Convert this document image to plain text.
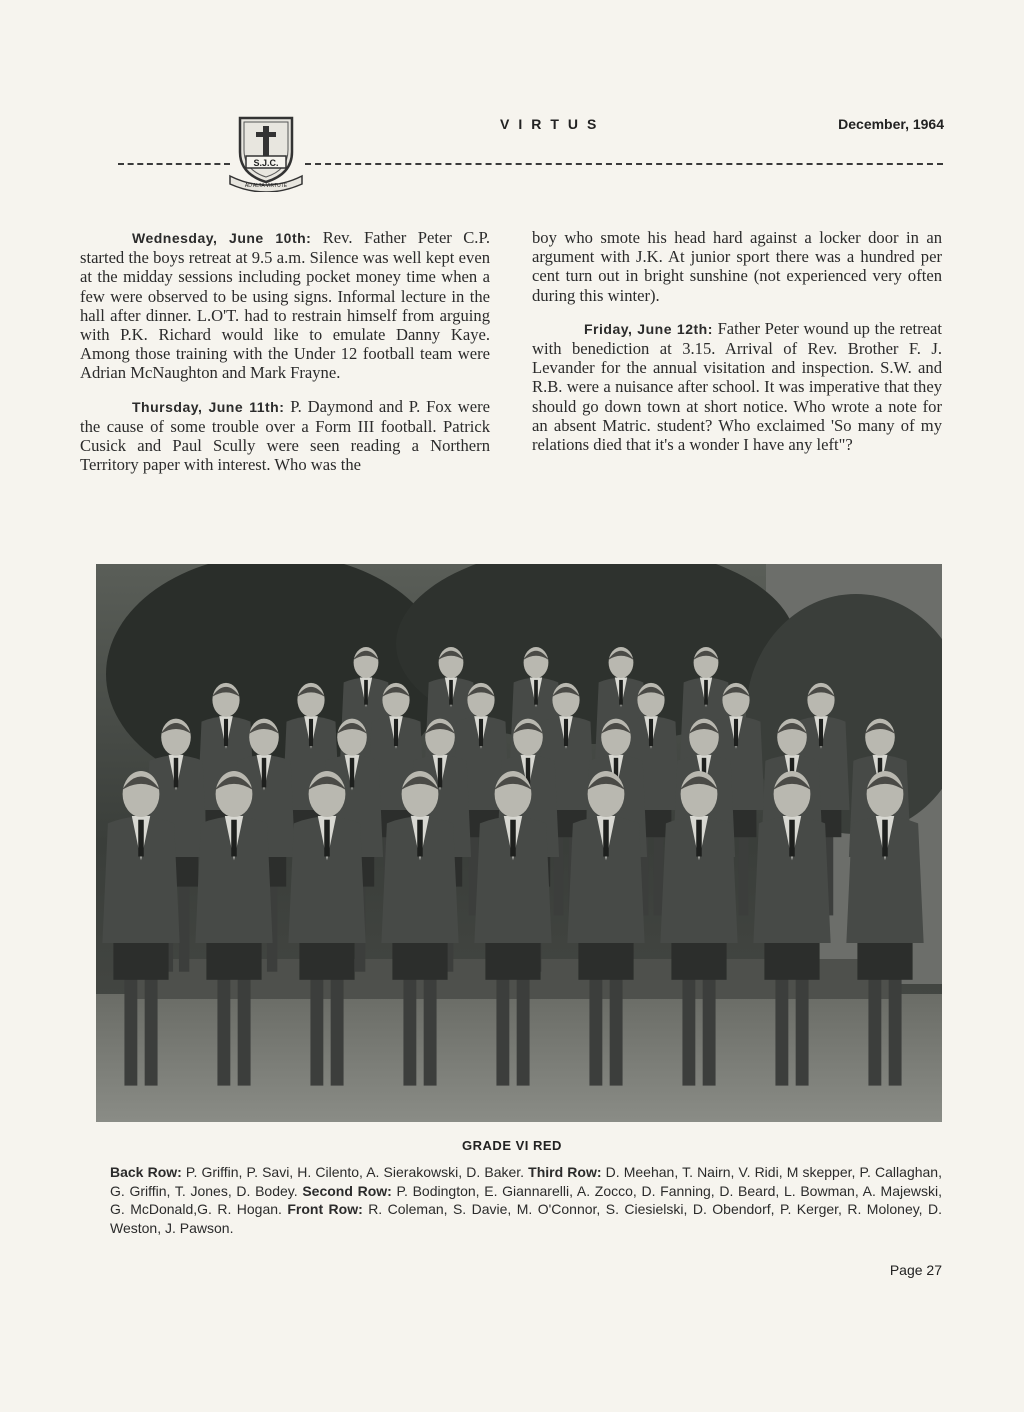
S.J.C.
AD ALTA VIRTUTE
VIRTUS	December, 1964

Wednesday, June 10th: Rev. Father Peter C.P. started the boys retreat at 9.5 a.m. Silence was well kept even at the midday sessions including pocket money time when a few were observed to be using signs. Informal lecture in the hall after dinner. L.O'T. had to restrain himself from arguing with P.K. Richard would like to emulate Danny Kaye. Among those training with the Under 12 football team were Adrian McNaughton and Mark Frayne.

Thursday, June 11th: P. Daymond and P. Fox were the cause of some trouble over a Form III football. Patrick Cusick and Paul Scully were seen reading a Northern Territory paper with interest. Who was the

boy who smote his head hard against a locker door in an argument with J.K. At junior sport there was a hundred per cent turn out in bright sunshine (not experienced very often during this winter).

Friday, June 12th: Father Peter wound up the retreat with benediction at 3.15. Arrival of Rev. Brother F. J. Levander for the annual visitation and inspection. S.W. and R.B. were a nuisance after school. It was imperative that they should go down town at short notice. Who wrote a note for an absent Matric. student? Who exclaimed 'So many of my relations died that it's a wonder I have any left"?

GRADE VI RED
Back Row: P. Griffin, P. Savi, H. Cilento, A. Sierakowski, D. Baker. Third Row: D. Meehan, T. Nairn, V. Ridi, M skepper, P. Callaghan, G. Griffin, T. Jones, D. Bodey. Second Row: P. Bodington, E. Giannarelli, A. Zocco, D. Fanning, D. Beard, L. Bowman, A. Majewski, G. McDonald,G. R. Hogan. Front Row: R. Coleman, S. Davie, M. O'Connor, S. Ciesielski, D. Obendorf, P. Kerger, R. Moloney, D. Weston, J. Pawson.
Page 27
